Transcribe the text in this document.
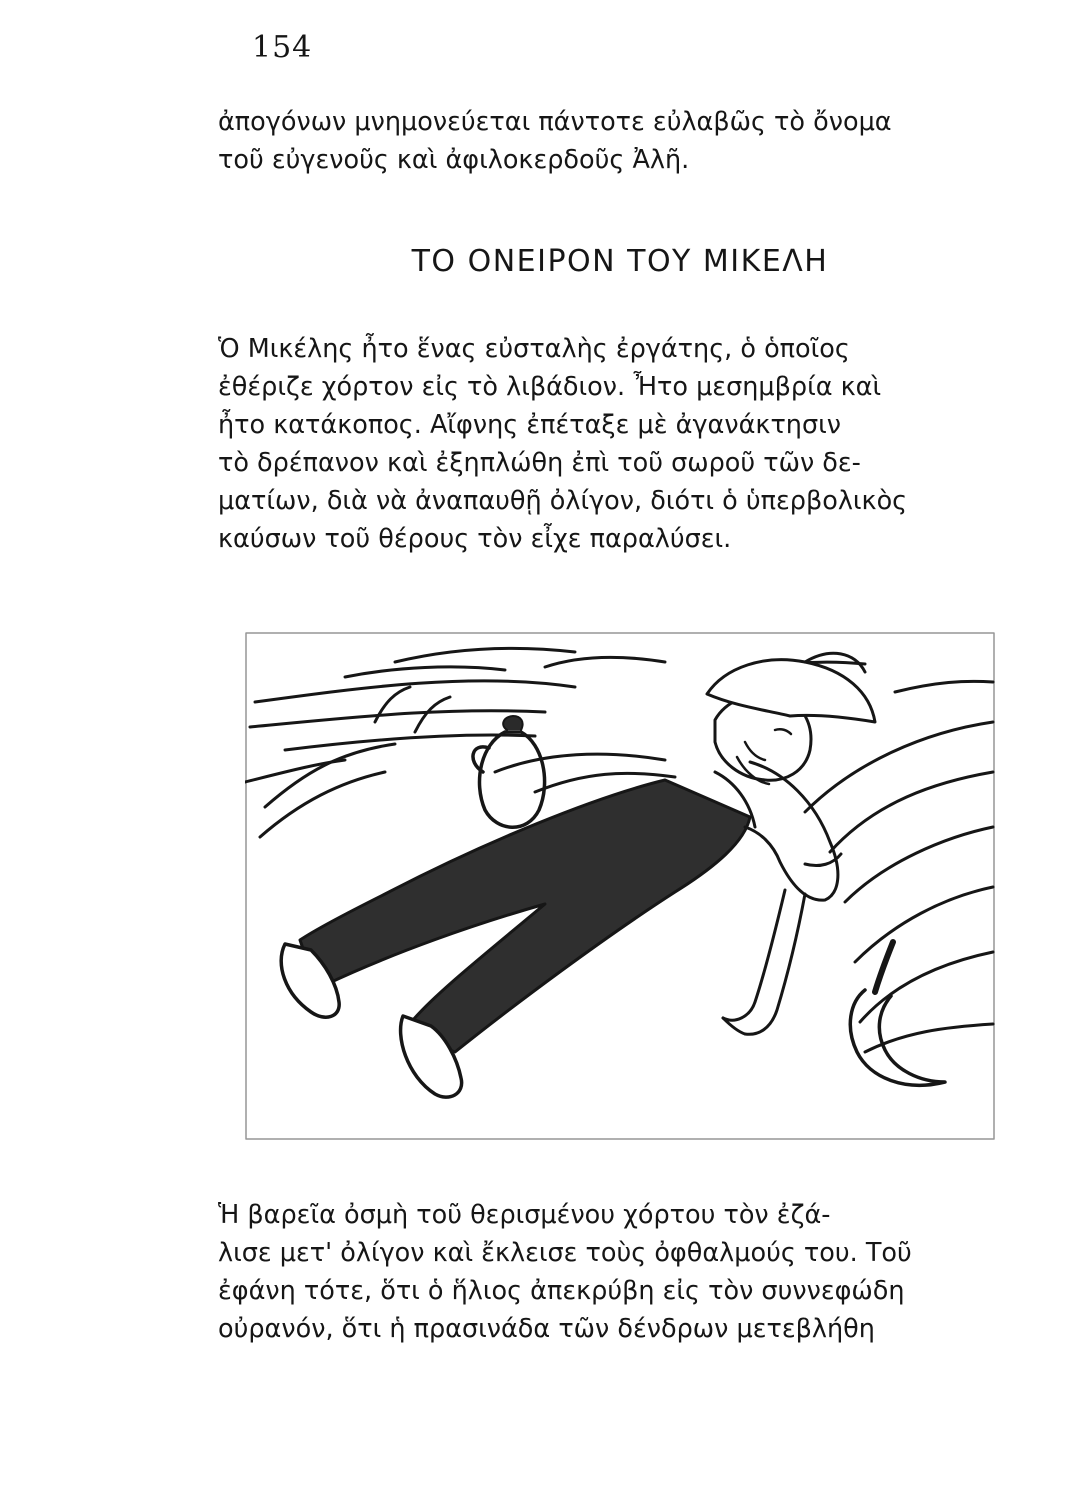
154
ἀπογόνων μνημονεύεται πάντοτε εὐλαβῶς τὸ ὄνομα
τοῦ εὐγενοῦς καὶ ἀφιλοκερδοῦς Ἀλῆ.
ΤΟ ΟΝΕΙΡΟΝ ΤΟΥ ΜΙΚΕΛΗ
Ὁ Μικέλης ἦτο ἕνας εὐσταλὴς ἐργάτης, ὁ ὁποῖος
ἐθέριζε χόρτον εἰς τὸ λιβάδιον. Ἦτο μεσημβρία καὶ
ἦτο κατάκοπος. Αἴφνης ἐπέταξε μὲ ἀγανάκτησιν
τὸ δρέπανον καὶ ἐξηπλώθη ἐπὶ τοῦ σωροῦ τῶν δε-
ματίων, διὰ νὰ ἀναπαυθῇ ὀλίγον, διότι ὁ ὑπερβολικὸς
καύσων τοῦ θέρους τὸν εἶχε παραλύσει.
Ἡ βαρεῖα ὀσμὴ τοῦ θερισμένου χόρτου τὸν ἐζά-
λισε μετ' ὀλίγον καὶ ἔκλεισε τοὺς ὀφθαλμούς του. Τοῦ
ἐφάνη τότε, ὅτι ὁ ἥλιος ἀπεκρύβη εἰς τὸν συννεφώδη
οὐρανόν, ὅτι ἡ πρασινάδα τῶν δένδρων μετεβλήθη
